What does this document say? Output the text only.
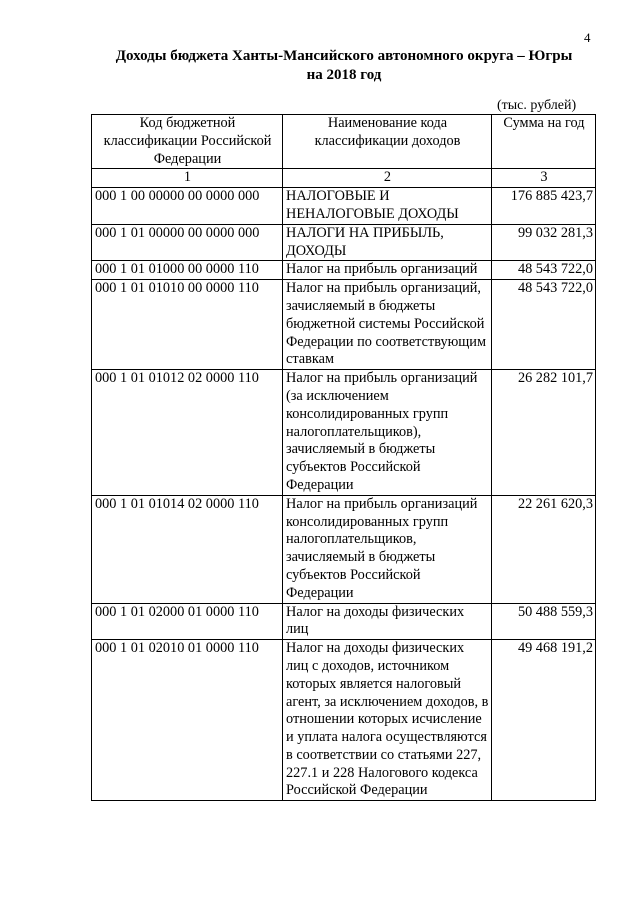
4
Доходы бюджета Ханты-Мансийского автономного округа – Югры
на 2018 год
(тыс. рублей)
Код бюджетной классификации Российской Федерации	Наименование кода классификации доходов	Сумма на год
1	2	3
000 1 00 00000 00 0000 000	НАЛОГОВЫЕ И НЕНАЛОГОВЫЕ ДОХОДЫ	176 885 423,7
000 1 01 00000 00 0000 000	НАЛОГИ НА ПРИБЫЛЬ, ДОХОДЫ	99 032 281,3
000 1 01 01000 00 0000 110	Налог на прибыль организаций	48 543 722,0
000 1 01 01010 00 0000 110	Налог на прибыль организаций, зачисляемый в бюджеты бюджетной системы Российской Федерации по соответствующим ставкам	48 543 722,0
000 1 01 01012 02 0000 110	Налог на прибыль организаций (за исключением консолидированных групп налогоплательщиков), зачисляемый в бюджеты субъектов Российской Федерации	26 282 101,7
000 1 01 01014 02 0000 110	Налог на прибыль организаций консолидированных групп налогоплательщиков, зачисляемый в бюджеты субъектов Российской Федерации	22 261 620,3
000 1 01 02000 01 0000 110	Налог на доходы физических лиц	50 488 559,3
000 1 01 02010 01 0000 110	Налог на доходы физических лиц с доходов, источником которых является налоговый агент, за исключением доходов, в отношении которых исчисление и уплата налога осуществляются в соответствии со статьями 227, 227.1 и 228 Налогового кодекса Российской Федерации	49 468 191,2
